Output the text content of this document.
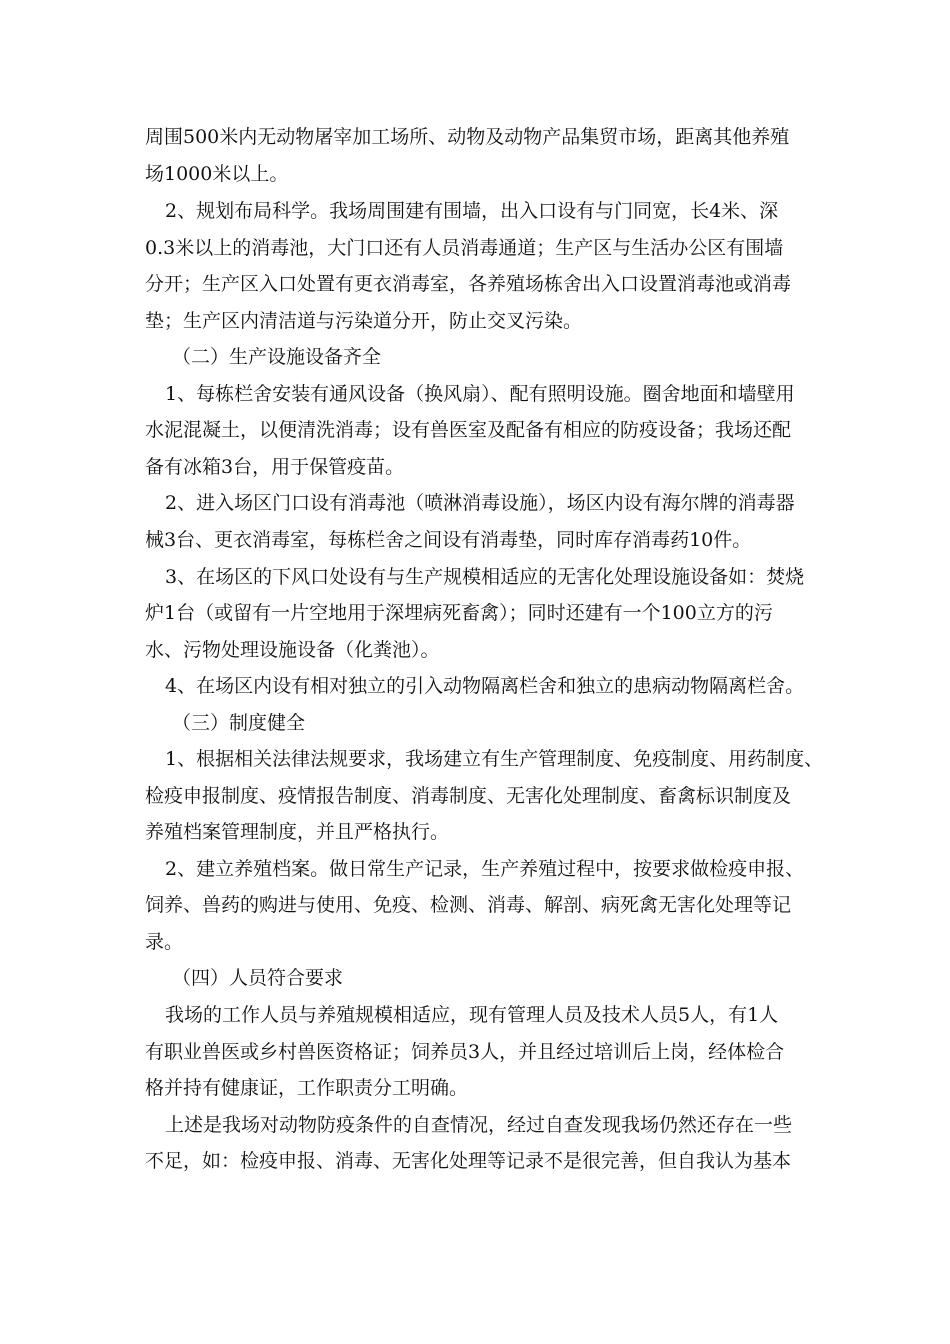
周围500米内无动物屠宰加工场所、动物及动物产品集贸市场，距离其他养殖

场1000米以上。

2、规划布局科学。我场周围建有围墙，出入口设有与门同宽，长4米、深

0.3米以上的消毒池，大门口还有人员消毒通道；生产区与生活办公区有围墙

分开；生产区入口处置有更衣消毒室，各养殖场栋舍出入口设置消毒池或消毒

垫；生产区内清洁道与污染道分开，防止交叉污染。

（二）生产设施设备齐全

1、每栋栏舍安装有通风设备（换风扇）、配有照明设施。圈舍地面和墙壁用

水泥混凝土，以便清洗消毒；设有兽医室及配备有相应的防疫设备；我场还配

备有冰箱3台，用于保管疫苗。

2、进入场区门口设有消毒池（喷淋消毒设施），场区内设有海尔牌的消毒器

械3台、更衣消毒室，每栋栏舍之间设有消毒垫，同时库存消毒药10件。

3、在场区的下风口处设有与生产规模相适应的无害化处理设施设备如：焚烧

炉1台（或留有一片空地用于深埋病死畜禽）；同时还建有一个100立方的污

水、污物处理设施设备（化粪池）。

4、在场区内设有相对独立的引入动物隔离栏舍和独立的患病动物隔离栏舍。

（三）制度健全

1、根据相关法律法规要求，我场建立有生产管理制度、免疫制度、用药制度、

检疫申报制度、疫情报告制度、消毒制度、无害化处理制度、畜禽标识制度及

养殖档案管理制度，并且严格执行。

2、建立养殖档案。做日常生产记录，生产养殖过程中，按要求做检疫申报、

饲养、兽药的购进与使用、免疫、检测、消毒、解剖、病死禽无害化处理等记

录。

（四）人员符合要求

我场的工作人员与养殖规模相适应，现有管理人员及技术人员5人，有1人

有职业兽医或乡村兽医资格证；饲养员3人，并且经过培训后上岗，经体检合

格并持有健康证，工作职责分工明确。

上述是我场对动物防疫条件的自查情况，经过自查发现我场仍然还存在一些

不足，如：检疫申报、消毒、无害化处理等记录不是很完善，但自我认为基本
